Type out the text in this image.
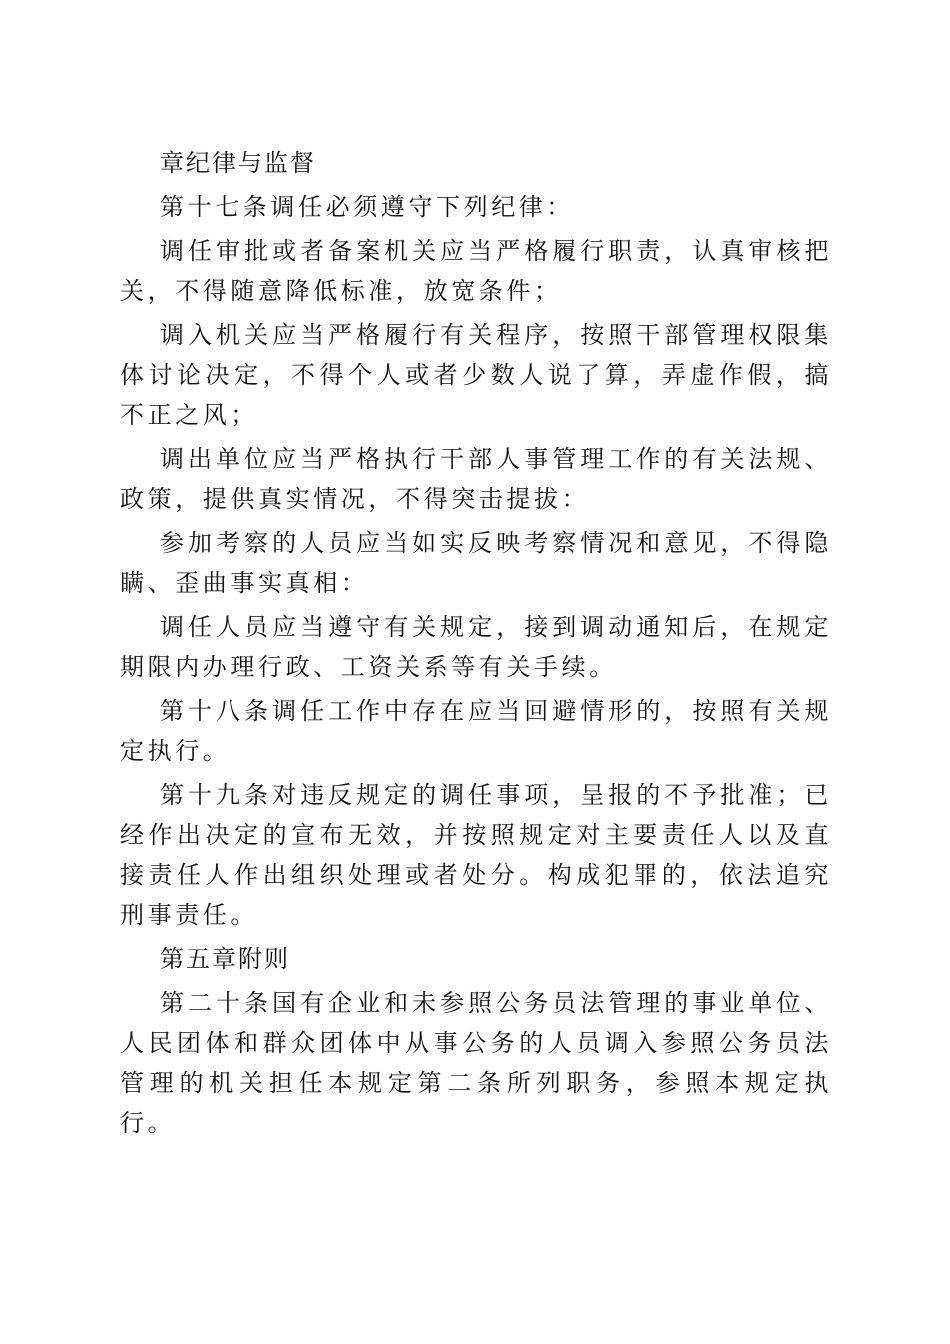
章纪律与监督

第十七条调任必须遵守下列纪律：

调任审批或者备案机关应当严格履行职责，认真审核把关，不得随意降低标准，放宽条件；

调入机关应当严格履行有关程序，按照干部管理权限集体讨论决定，不得个人或者少数人说了算，弄虚作假，搞不正之风；

调出单位应当严格执行干部人事管理工作的有关法规、政策，提供真实情况，不得突击提拔：

参加考察的人员应当如实反映考察情况和意见，不得隐瞒、歪曲事实真相：

调任人员应当遵守有关规定，接到调动通知后，在规定期限内办理行政、工资关系等有关手续。

第十八条调任工作中存在应当回避情形的，按照有关规定执行。

第十九条对违反规定的调任事项，呈报的不予批准；已经作出决定的宣布无效，并按照规定对主要责任人以及直接责任人作出组织处理或者处分。构成犯罪的，依法追究刑事责任。

第五章附则

第二十条国有企业和未参照公务员法管理的事业单位、人民团体和群众团体中从事公务的人员调入参照公务员法管理的机关担任本规定第二条所列职务，参照本规定执行。
